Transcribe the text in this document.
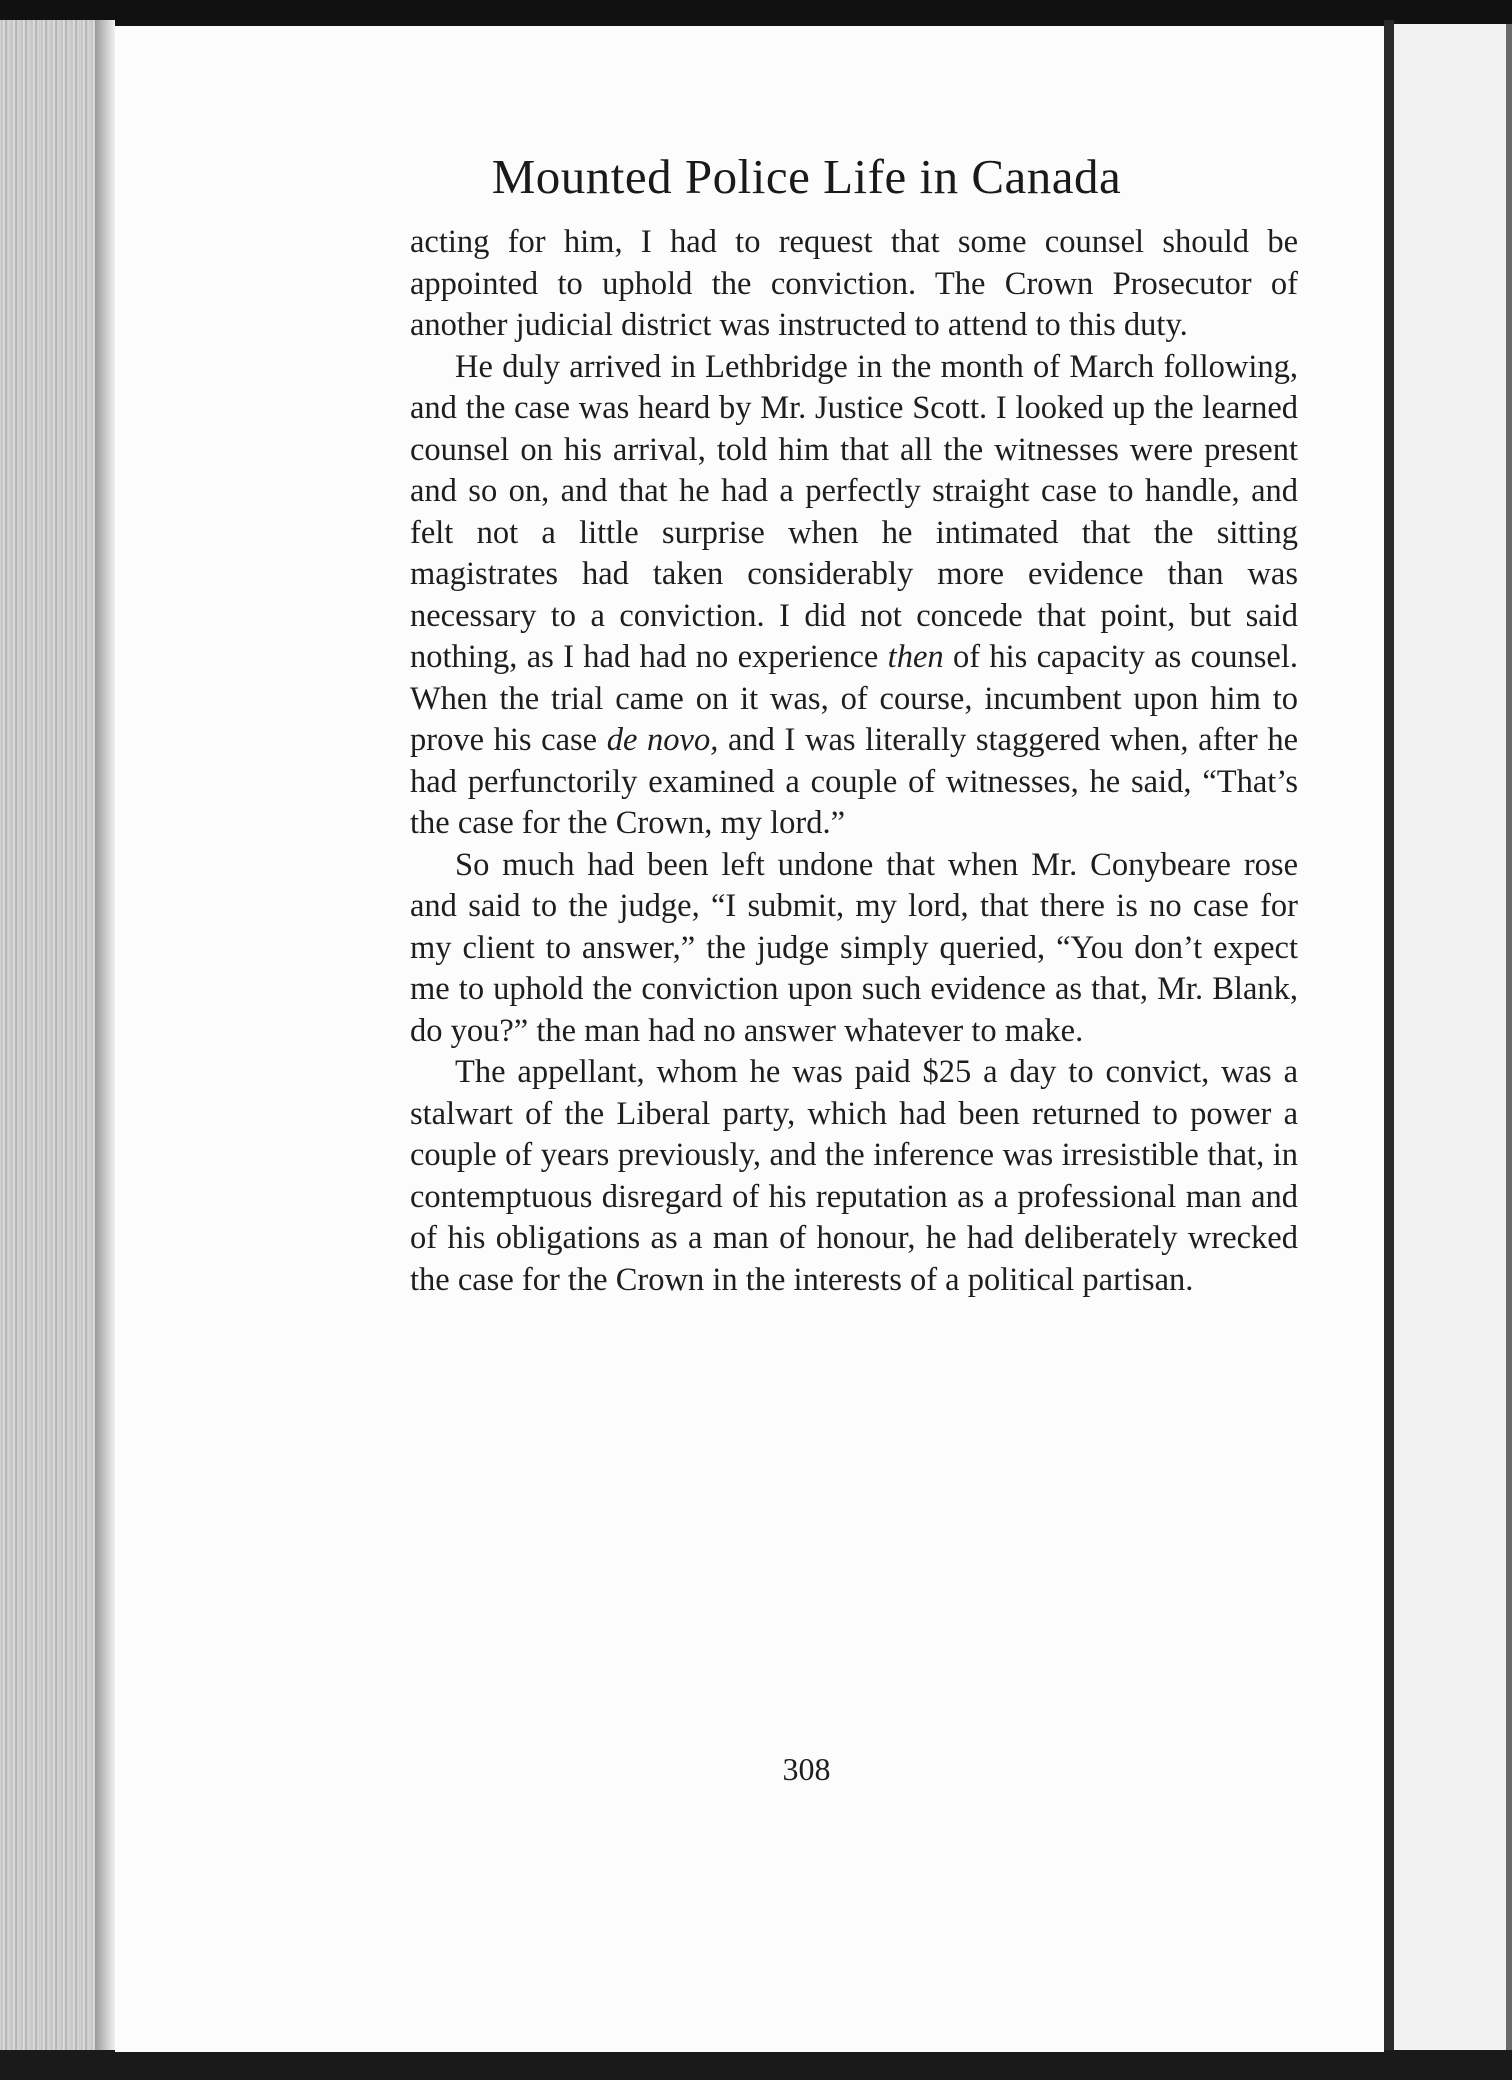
Mounted Police Life in Canada

acting for him, I had to request that some counsel should be appointed to uphold the conviction. The Crown Prosecutor of another judicial district was instructed to attend to this duty.

He duly arrived in Lethbridge in the month of March following, and the case was heard by Mr. Justice Scott. I looked up the learned counsel on his arrival, told him that all the witnesses were present and so on, and that he had a perfectly straight case to handle, and felt not a little surprise when he intimated that the sitting magistrates had taken considerably more evidence than was necessary to a conviction. I did not concede that point, but said nothing, as I had had no experience then of his capacity as counsel. When the trial came on it was, of course, incumbent upon him to prove his case de novo, and I was literally staggered when, after he had perfunctorily examined a couple of witnesses, he said, “That’s the case for the Crown, my lord.”

So much had been left undone that when Mr. Conybeare rose and said to the judge, “I submit, my lord, that there is no case for my client to answer,” the judge simply queried, “You don’t expect me to uphold the conviction upon such evidence as that, Mr. Blank, do you?” the man had no answer whatever to make.

The appellant, whom he was paid $25 a day to convict, was a stalwart of the Liberal party, which had been returned to power a couple of years previously, and the inference was irresistible that, in contemptuous disregard of his reputation as a professional man and of his obligations as a man of honour, he had deliberately wrecked the case for the Crown in the interests of a political partisan.

308
